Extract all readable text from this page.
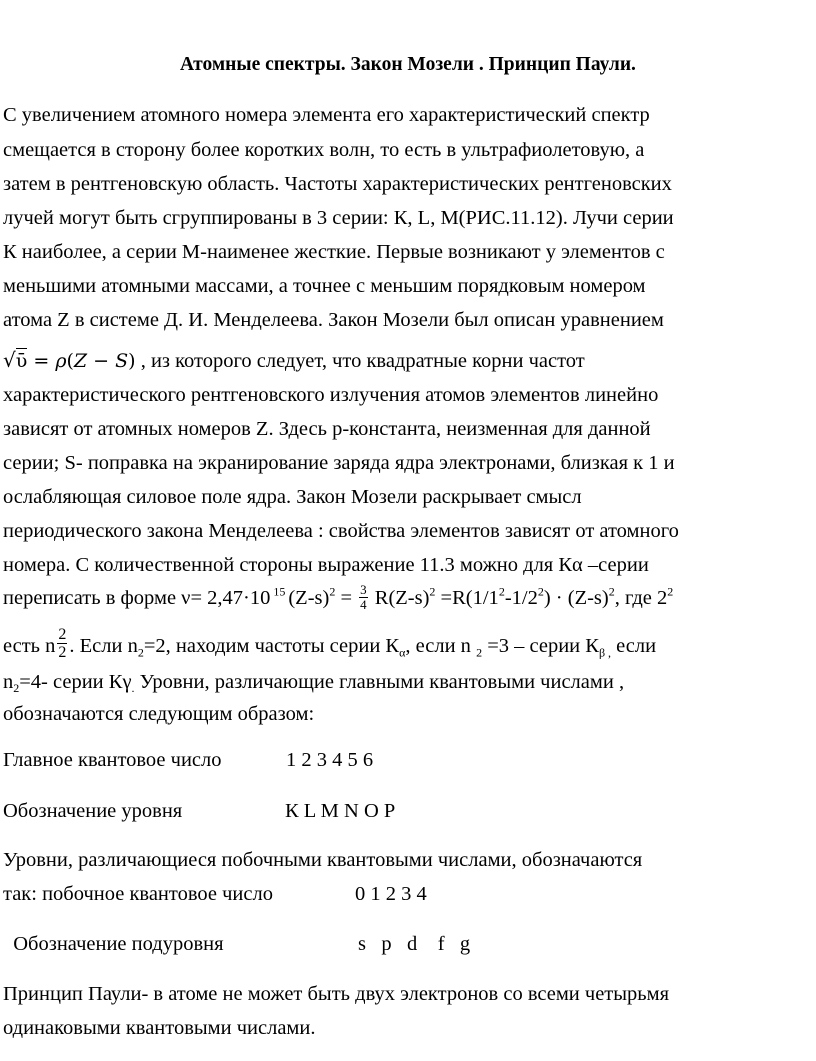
Атомные спектры. Закон Мозели . Принцип Паули.
С увеличением атомного номера элемента его характеристический спектр
смещается в сторону более коротких волн, то есть в ультрафиолетовую, а
затем в рентгеновскую область. Частоты характеристических рентгеновских
лучей могут быть сгруппированы в 3 серии: К, L, M(РИС.11.12). Лучи серии
К наиболее, а серии М-наименее жесткие. Первые возникают у элементов с
меньшими атомными массами, а точнее с меньшим порядковым номером
атома Z в системе Д. И. Менделеева. Закон Мозели был описан уравнением
√ῡ = ρ(Z − S) , из которого следует, что квадратные корни частот
характеристического рентгеновского излучения атомов элементов линейно
зависят от атомных номеров Z. Здесь p-константа, неизменная для данной
серии; S- поправка на экранирование заряда ядра электронами, близкая к 1 и
ослабляющая силовое поле ядра. Закон Мозели раскрывает смысл
периодического закона Менделеева : свойства элементов зависят от атомного
номера. С количественной стороны выражение 11.3 можно для Кα –серии
переписать в форме ν= 2,47·10 $^{15}$ $(Z-s)^2 = \frac{3}{4} R(Z-s)^2 =R(1/1^2-1/2^2) \cdot (Z-s)^2$, где $2^2$
есть n $\frac{2}{2}$ . Если $n_2=2$, находим частоты серии $К_\alpha$, если n $_2$ =3 – серии $К_{\beta ,}$ если
$n_2=4-$ серии $К\gamma_.$ Уровни, различающие главными квантовыми числами ,
обозначаются следующим образом:
Главное квантовое число	1 2 3 4 5 6
Обозначение уровня	К L M N O P
Уровни, различающиеся побочными квантовыми числами, обозначаются
так: побочное квантовое число	0 1 2 3 4
Обозначение подуровня	s   p   d    f   g
Принцип Паули- в атоме не может быть двух электронов со всеми четырьмя
одинаковыми квантовыми числами.
